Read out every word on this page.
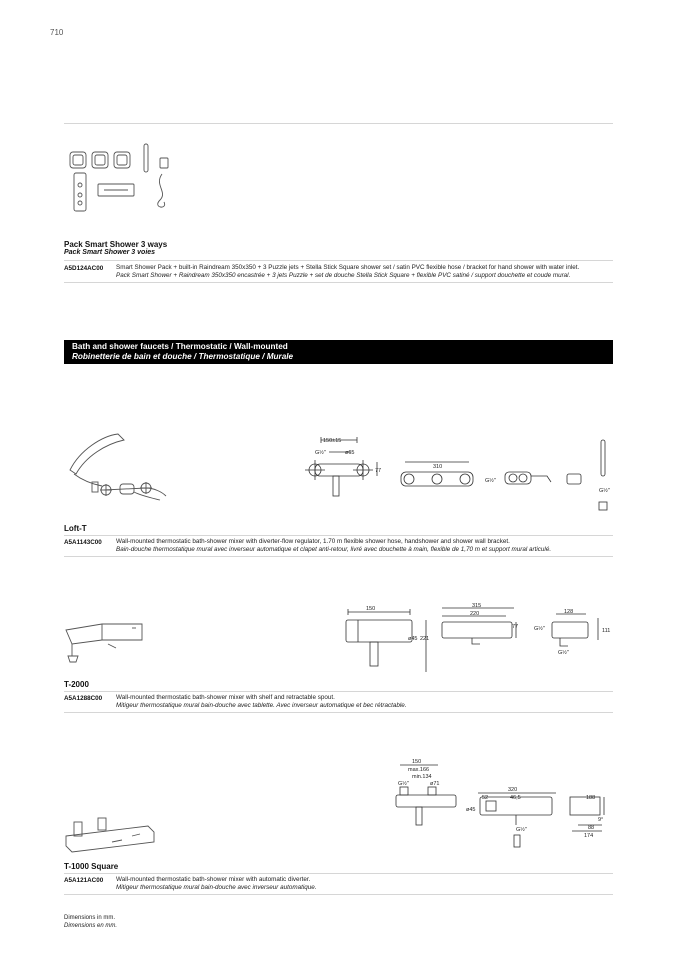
710
Pack Smart Shower 3 ways
Pack Smart Shower 3 voies
A5D124AC00 Smart Shower Pack + built-in Raindream 350x350 + 3 Puzzle jets + Stella Stick Square shower set / satin PVC flexible hose / bracket for hand shower with water inlet.
Pack Smart Shower + Raindream 350x350 encastrée + 3 jets Puzzle + set de douche Stella Stick Square + flexible PVC satiné / support douchette et coude mural.
Bath and shower faucets / Thermostatic / Wall-mounted
Robinetterie de bain et douche / Thermostatique / Murale
150±15
ø65
G½"
77
310
G½"
G½"
Loft-T
A5A1143C00 Wall-mounted thermostatic bath-shower mixer with diverter-flow regulator, 1.70 m flexible shower hose, handshower and shower wall bracket.
Bain-douche thermostatique mural avec inverseur automatique et clapet anti-retour, livré avec douchette à main, flexible de 1,70 m et support mural articulé.
150
ø45 221
315
220
77
128
G½"	111
G½"
T-2000
A5A1288C00 Wall-mounted thermostatic bath-shower mixer with shelf and retractable spout.
Mitigeur thermostatique mural bain-douche avec tablette. Avec inverseur automatique et bec rétractable.
150
max.166
min.134
G½"	ø71
320
52	46,5
ø45
G½"
188
9°
88
174
T-1000 Square
A5A121AC00 Wall-mounted thermostatic bath-shower mixer with automatic diverter.
Mitigeur thermostatique mural bain-douche avec inverseur automatique.
Dimensions in mm.
Dimensions en mm.
